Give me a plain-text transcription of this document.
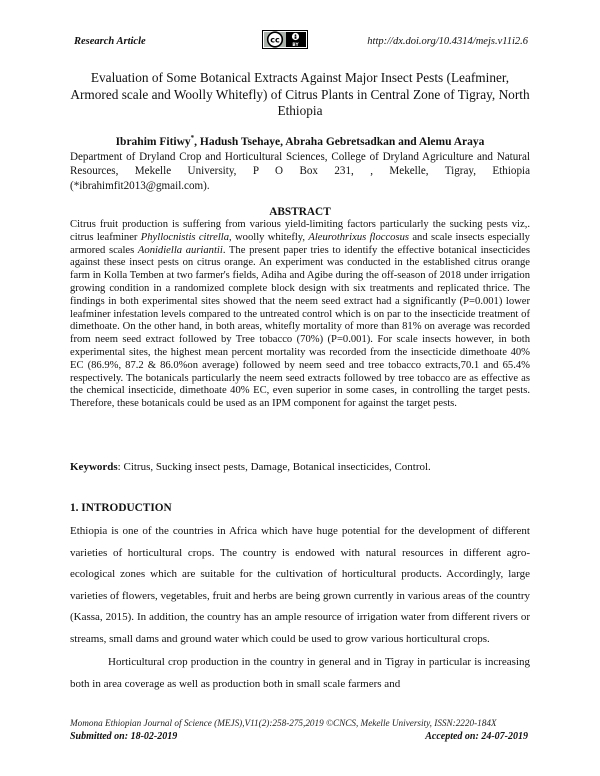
Research Article	cc
BY	http://dx.doi.org/10.4314/mejs.v11i2.6
Evaluation of Some Botanical Extracts Against Major Insect Pests (Leafminer, Armored scale and Woolly Whitefly) of Citrus Plants in Central Zone of Tigray, North Ethiopia
Ibrahim Fitiwy*, Hadush Tsehaye, Abraha Gebretsadkan and Alemu Araya
Department of Dryland Crop and Horticultural Sciences, College of Dryland Agriculture and Natural Resources, Mekelle University, P O Box 231, , Mekelle, Tigray, Ethiopia (*ibrahimfit2013@gmail.com).
ABSTRACT
Citrus fruit production is suffering from various yield-limiting factors particularly the sucking pests viz,. citrus leafminer Phyllocnistis citrella, woolly whitefly, Aleurothrixus floccosus and scale insects especially armored scales Aonidiella auriantii. The present paper tries to identify the effective botanical insecticides against these insect pests on citrus orange. An experiment was conducted in the established citrus orange farm in Kolla Temben at two farmer's fields, Adiha and Agibe during the off-season of 2018 under irrigation growing condition in a randomized complete block design with six treatments and replicated thrice. The findings in both experimental sites showed that the neem seed extract had a significantly (P=0.001) lower leafminer infestation levels compared to the untreated control which is on par to the insecticide treatment of dimethoate. On the other hand, in both areas, whitefly mortality of more than 81% on average was recorded from neem seed extract followed by Tree tobacco (70%) (P=0.001). For scale insects however, in both experimental sites, the highest mean percent mortality was recorded from the insecticide dimethoate 40% EC (86.9%, 87.2 & 86.0%on average) followed by neem seed and tree tobacco extracts,70.1 and 65.4% respectively. The botanicals particularly the neem seed extracts followed by tree tobacco are as effective as the chemical insecticide, dimethoate 40% EC, even superior in some cases, in controlling the target pests. Therefore, these botanicals could be used as an IPM component for against the target pests.
Keywords: Citrus, Sucking insect pests, Damage, Botanical insecticides, Control.
1. INTRODUCTION

Ethiopia is one of the countries in Africa which have huge potential for the development of different varieties of horticultural crops. The country is endowed with natural resources in different agro-ecological zones which are suitable for the cultivation of horticultural products. Accordingly, large varieties of flowers, vegetables, fruit and herbs are being grown currently in various areas of the country (Kassa, 2015). In addition, the country has an ample resource of irrigation water from different rivers or streams, small dams and ground water which could be used to grow various horticultural crops.

Horticultural crop production in the country in general and in Tigray in particular is increasing both in area coverage as well as production both in small scale farmers and

Momona Ethiopian Journal of Science (MEJS),V11(2):258-275,2019 ©CNCS, Mekelle University, ISSN:2220-184X
Submitted on: 18-02-2019	Accepted on: 24-07-2019
